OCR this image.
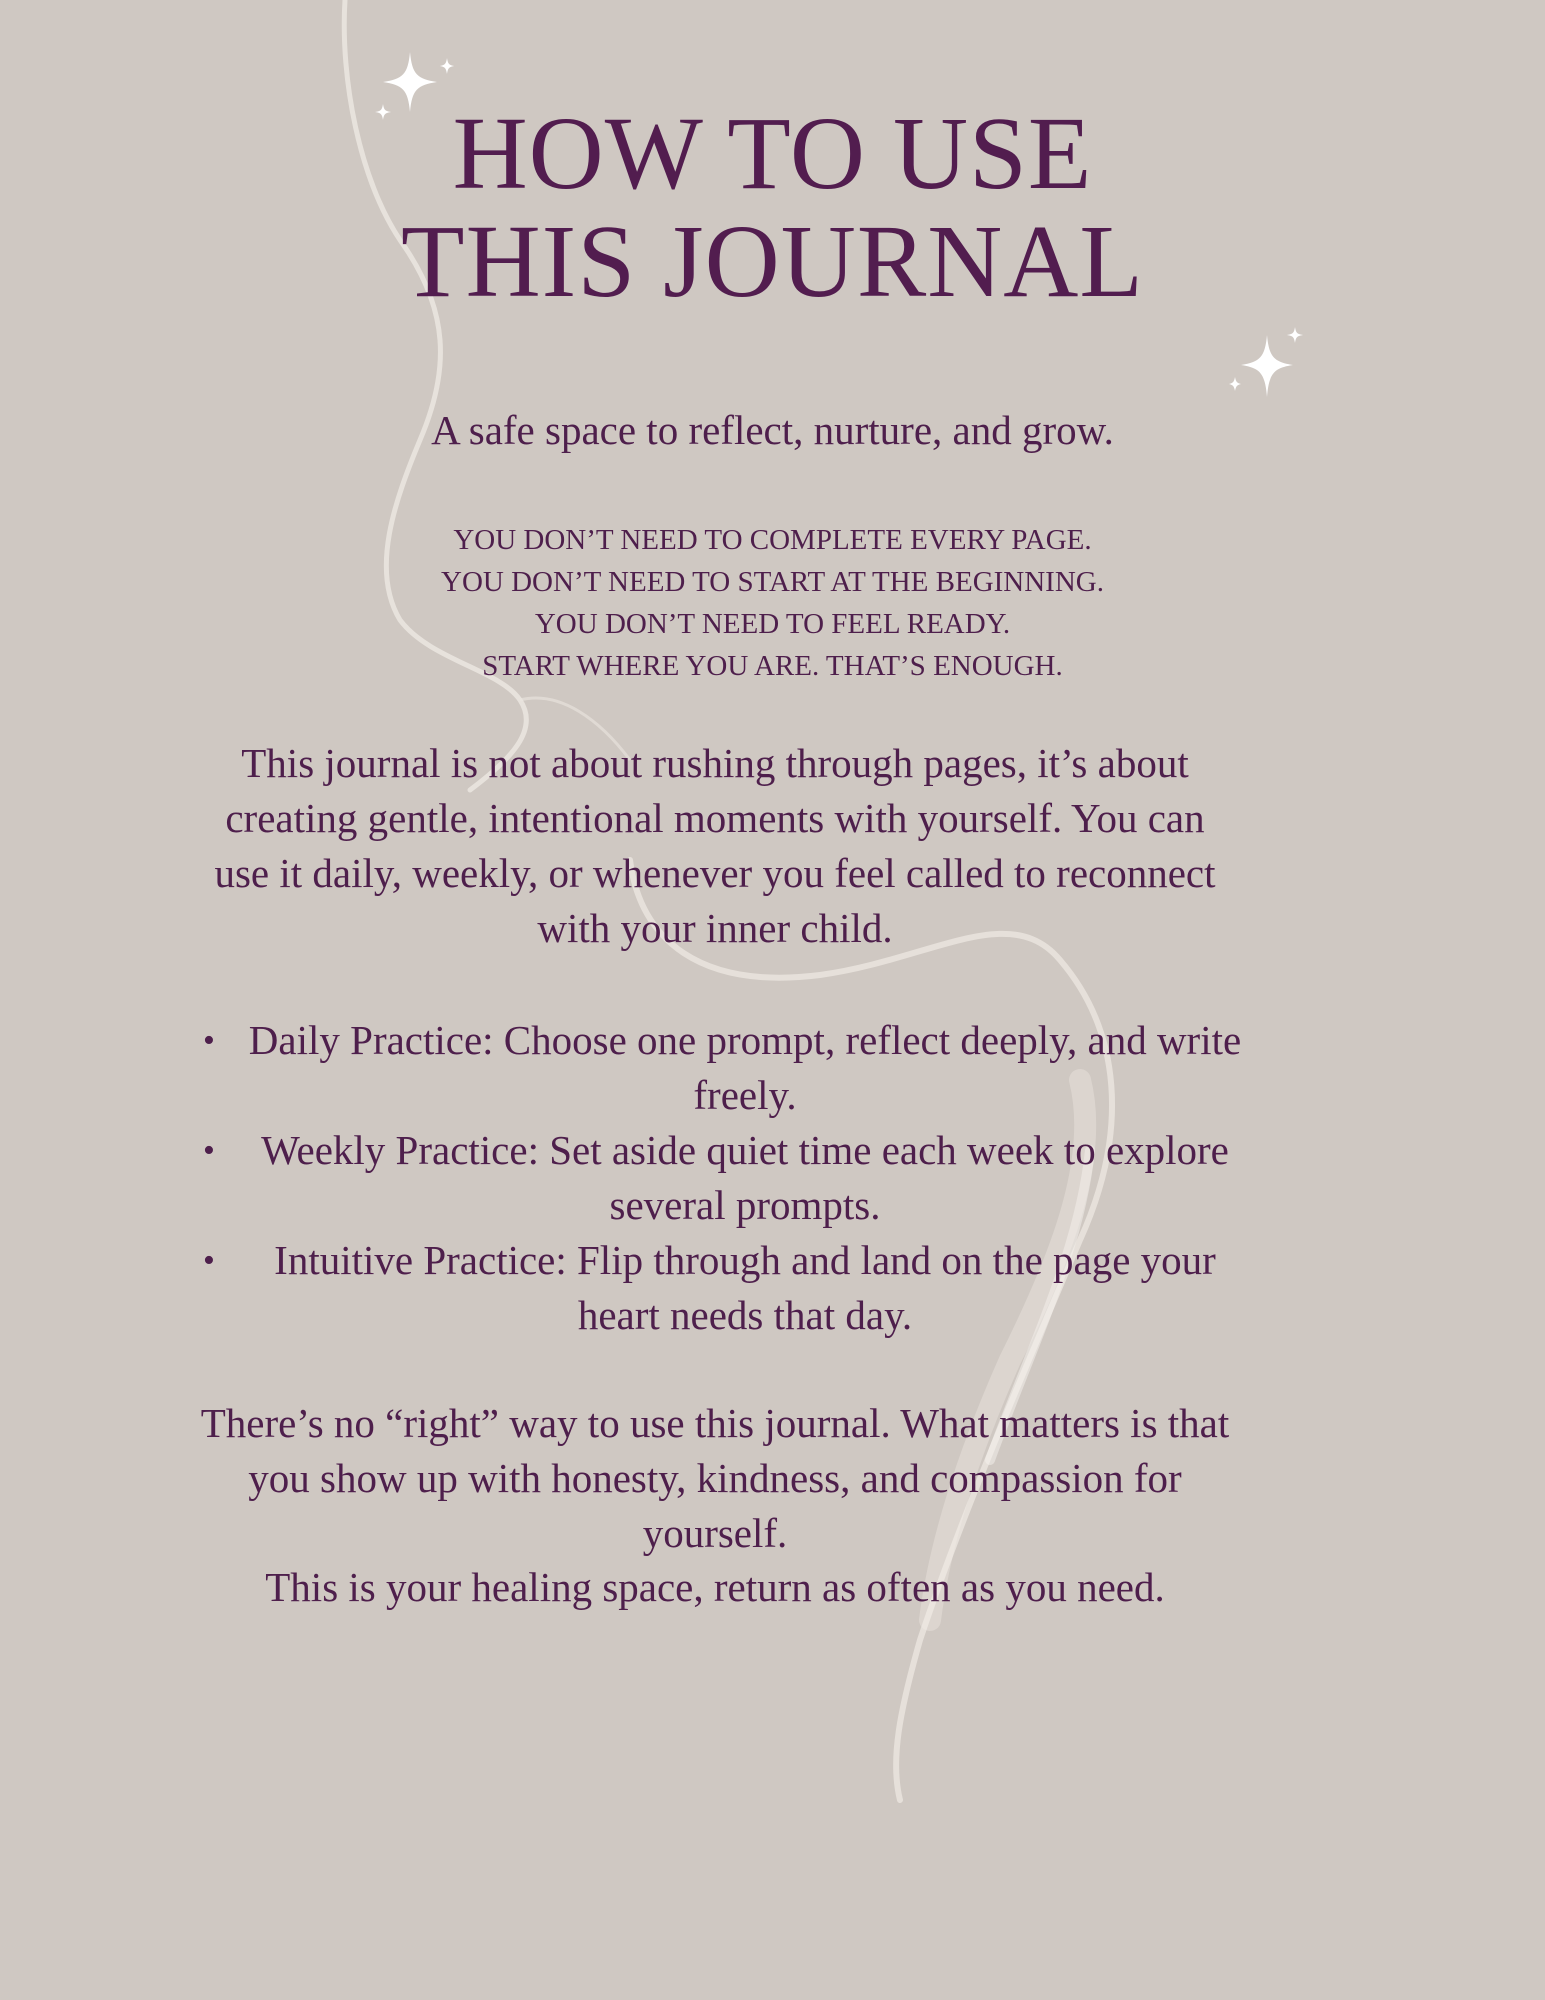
HOW TO USE
THIS JOURNAL

A safe space to reflect, nurture, and grow.

YOU DON’T NEED TO COMPLETE EVERY PAGE.
YOU DON’T NEED TO START AT THE BEGINNING.
YOU DON’T NEED TO FEEL READY.
START WHERE YOU ARE. THAT’S ENOUGH.

This journal is not about rushing through pages, it’s about creating gentle, intentional moments with yourself. You can use it daily, weekly, or whenever you feel called to reconnect with your inner child.

• Daily Practice: Choose one prompt, reflect deeply, and write freely.
•	Weekly Practice: Set aside quiet time each week to explore several prompts.
•	Intuitive Practice: Flip through and land on the page your heart needs that day.

There’s no “right” way to use this journal. What matters is that you show up with honesty, kindness, and compassion for yourself.

This is your healing space, return as often as you need.
